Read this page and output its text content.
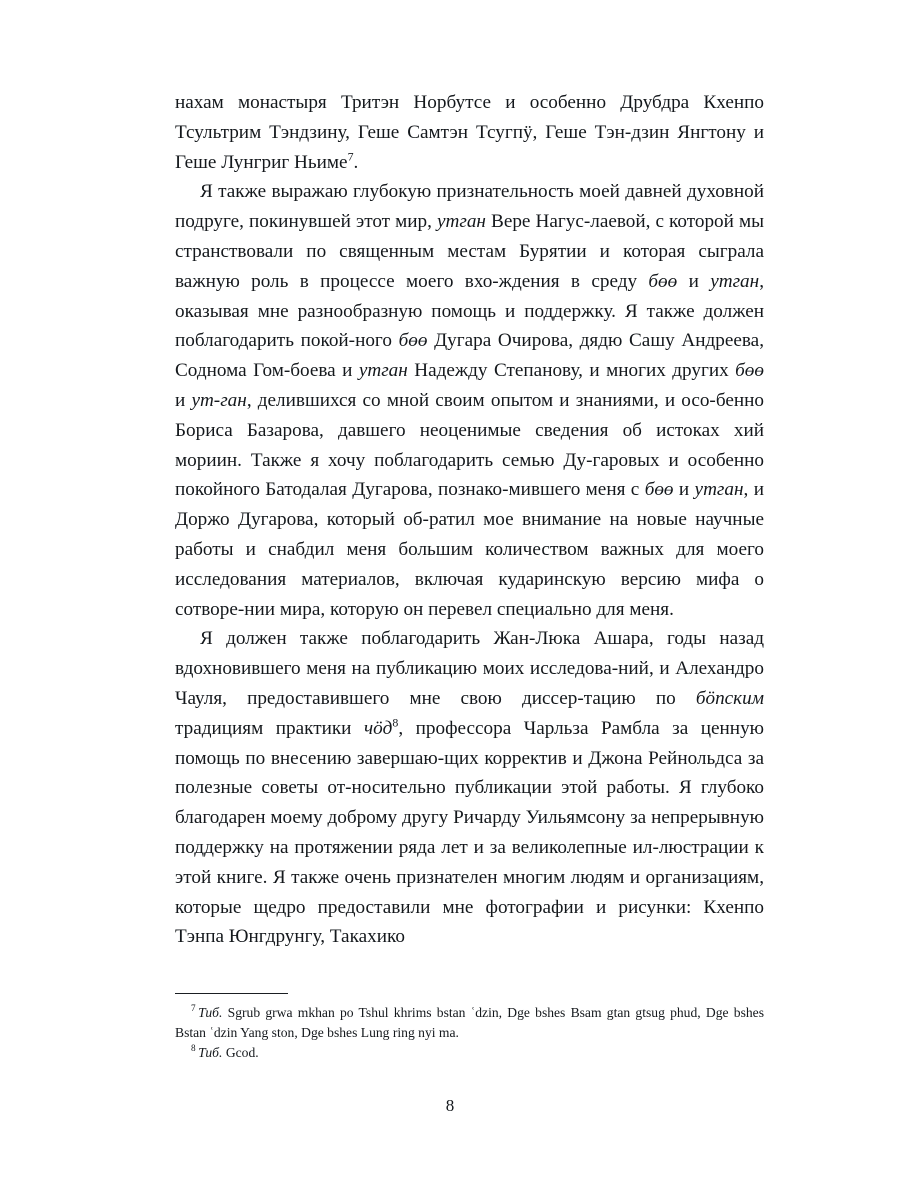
нахам монастыря Тритэн Норбутсе и особенно Друбдра Кхенпо Тсультрим Тэндзину, Геше Самтэн Тсугпÿ, Геше Тэн-дзин Янгтону и Геше Лунгриг Ньиме$^7$.

Я также выражаю глубокую признательность моей давней духовной подруге, покинувшей этот мир, утган Вере Нагус-лаевой, с которой мы странствовали по священным местам Бурятии и которая сыграла важную роль в процессе моего вхо-ждения в среду бөө и утган, оказывая мне разнообразную помощь и поддержку. Я также должен поблагодарить покой-ного бөө Дугара Очирова, дядю Сашу Андреева, Соднома Гом-боева и утган Надежду Степанову, и многих других бөө и ут-ган, делившихся со мной своим опытом и знаниями, и осо-бенно Бориса Базарова, давшего неоценимые сведения об истоках хий мориин. Также я хочу поблагодарить семью Ду-гаровых и особенно покойного Батодалая Дугарова, познако-мившего меня с бөө и утган, и Доржо Дугарова, который об-ратил мое внимание на новые научные работы и снабдил меня большим количеством важных для моего исследования материалов, включая кударинскую версию мифа о сотворе-нии мира, которую он перевел специально для меня.

Я должен также поблагодарить Жан-Люка Ашара, годы назад вдохновившего меня на публикацию моих исследова-ний, и Алехандро Чауля, предоставившего мне свою диссер-тацию по бönским традициям практики чöд$^8$, профессора Чарльза Рамбла за ценную помощь по внесению завершаю-щих корректив и Джона Рейнольдса за полезные советы от-носительно публикации этой работы. Я глубоко благодарен моему доброму другу Ричарду Уильямсону за непрерывную поддержку на протяжении ряда лет и за великолепные ил-люстрации к этой книге. Я также очень признателен многим людям и организациям, которые щедро предоставили мне фотографии и рисунки: Кхенпо Тэнпа Юнгдрунгу, Такахико

$^7$ Тиб. Sgrub grwa mkhan po Tshul khrims bstan ʿdzin, Dge bshes Bsam gtan gtsug phud, Dge bshes Bstan ʿdzin Yang ston, Dge bshes Lung ring nyi ma.

$^8$ Тиб. Gcod.

8
